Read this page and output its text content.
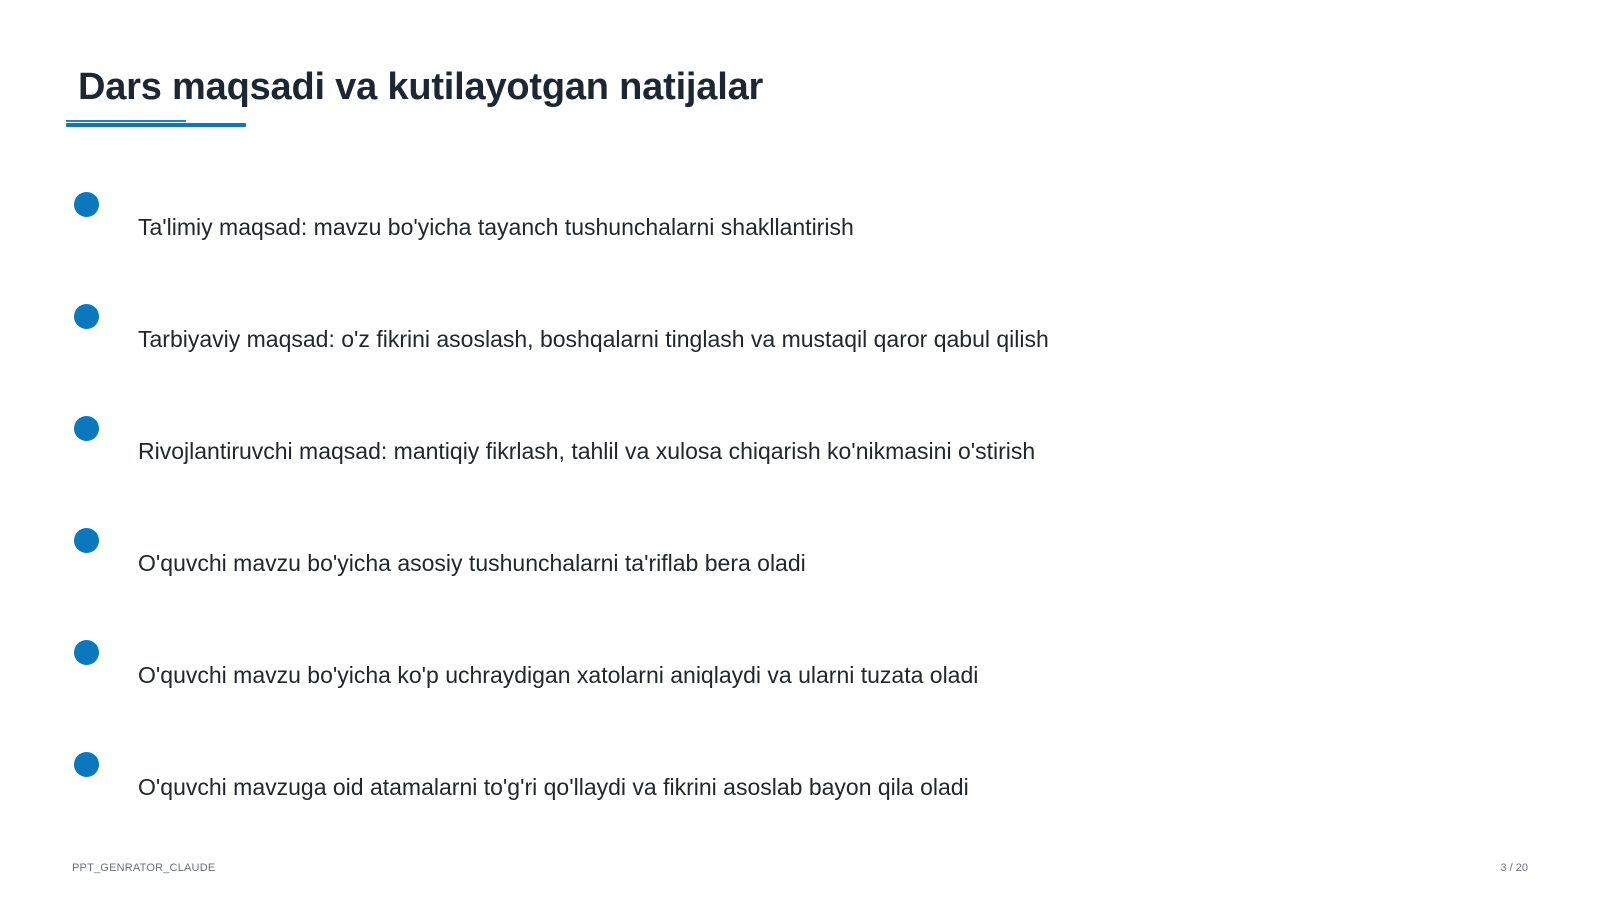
Dars maqsadi va kutilayotgan natijalar
Ta'limiy maqsad: mavzu bo'yicha tayanch tushunchalarni shakllantirish
Tarbiyaviy maqsad: o'z fikrini asoslash, boshqalarni tinglash va mustaqil qaror qabul qilish
Rivojlantiruvchi maqsad: mantiqiy fikrlash, tahlil va xulosa chiqarish ko'nikmasini o'stirish
O'quvchi mavzu bo'yicha asosiy tushunchalarni ta'riflab bera oladi
O'quvchi mavzu bo'yicha ko'p uchraydigan xatolarni aniqlaydi va ularni tuzata oladi
O'quvchi mavzuga oid atamalarni to'g'ri qo'llaydi va fikrini asoslab bayon qila oladi
PPT_GENRATOR_CLAUDE	3 / 20
